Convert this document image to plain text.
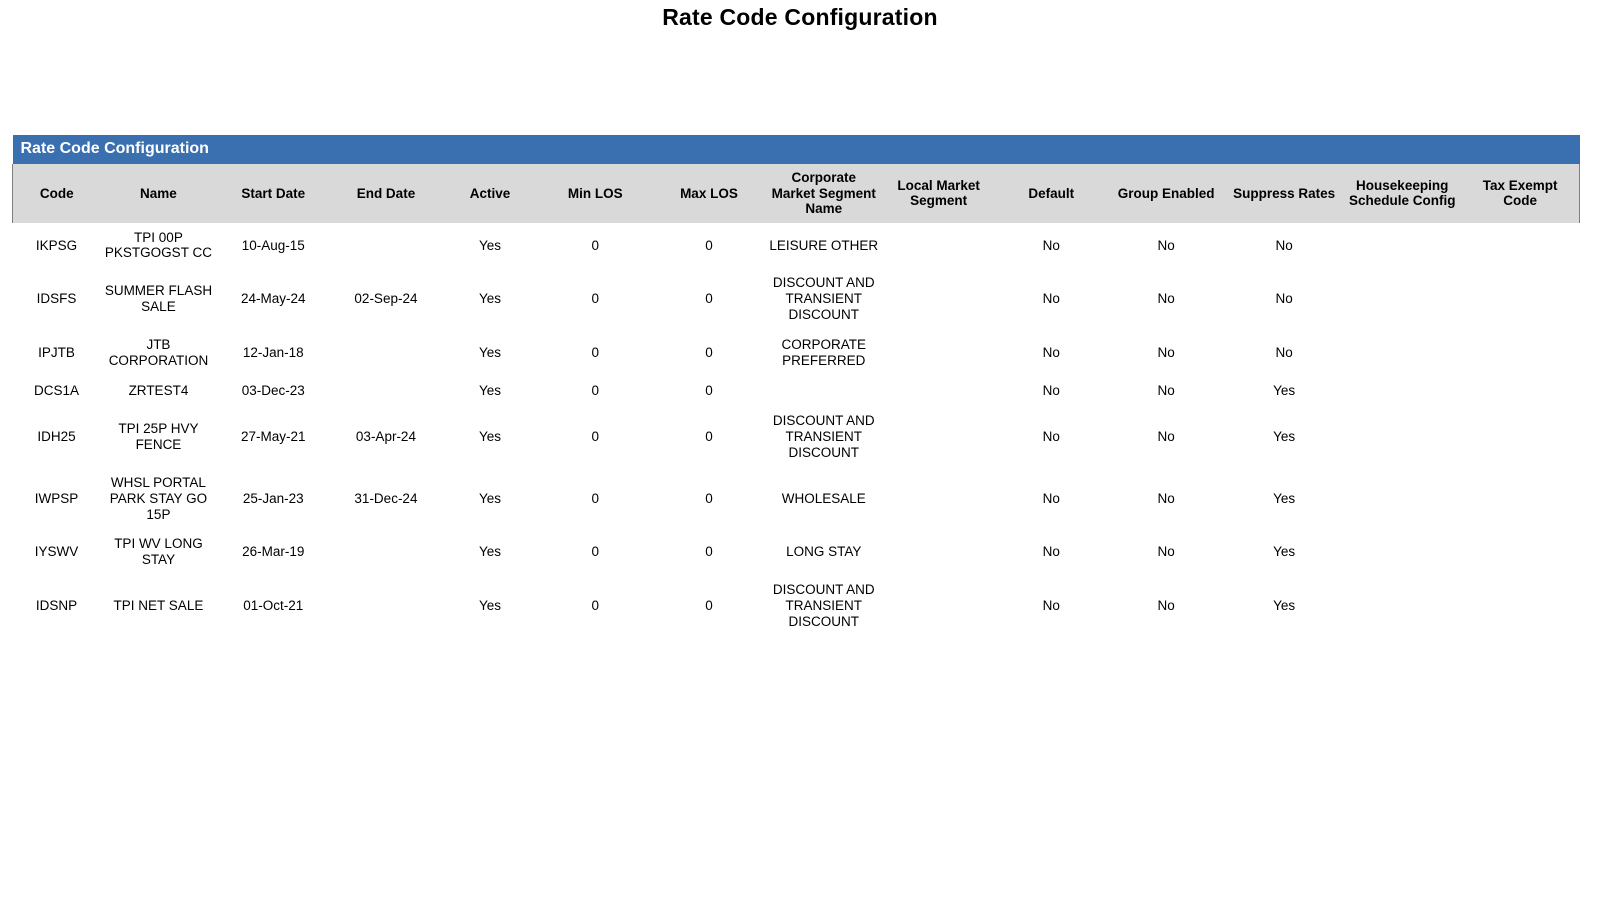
Rate Code Configuration
Rate Code Configuration													
Code	Name	Start Date	End Date	Active	Min LOS	Max LOS	Corporate Market Segment Name	Local Market Segment	Default	Group Enabled	Suppress Rates	Housekeeping Schedule Config	Tax Exempt Code
IKPSG	TPI 00P PKSTGOGST CC	10-Aug-15		Yes	0	0	LEISURE OTHER		No	No	No		
IDSFS	SUMMER FLASH SALE	24-May-24	02-Sep-24	Yes	0	0	DISCOUNT AND TRANSIENT DISCOUNT		No	No	No		
IPJTB	JTB CORPORATION	12-Jan-18		Yes	0	0	CORPORATE PREFERRED		No	No	No		
DCS1A	ZRTEST4	03-Dec-23		Yes	0	0			No	No	Yes		
IDH25	TPI 25P HVY FENCE	27-May-21	03-Apr-24	Yes	0	0	DISCOUNT AND TRANSIENT DISCOUNT		No	No	Yes		
IWPSP	WHSL PORTAL PARK STAY GO 15P	25-Jan-23	31-Dec-24	Yes	0	0	WHOLESALE		No	No	Yes		
IYSWV	TPI WV LONG STAY	26-Mar-19		Yes	0	0	LONG STAY		No	No	Yes		
IDSNP	TPI NET SALE	01-Oct-21		Yes	0	0	DISCOUNT AND TRANSIENT DISCOUNT		No	No	Yes		
